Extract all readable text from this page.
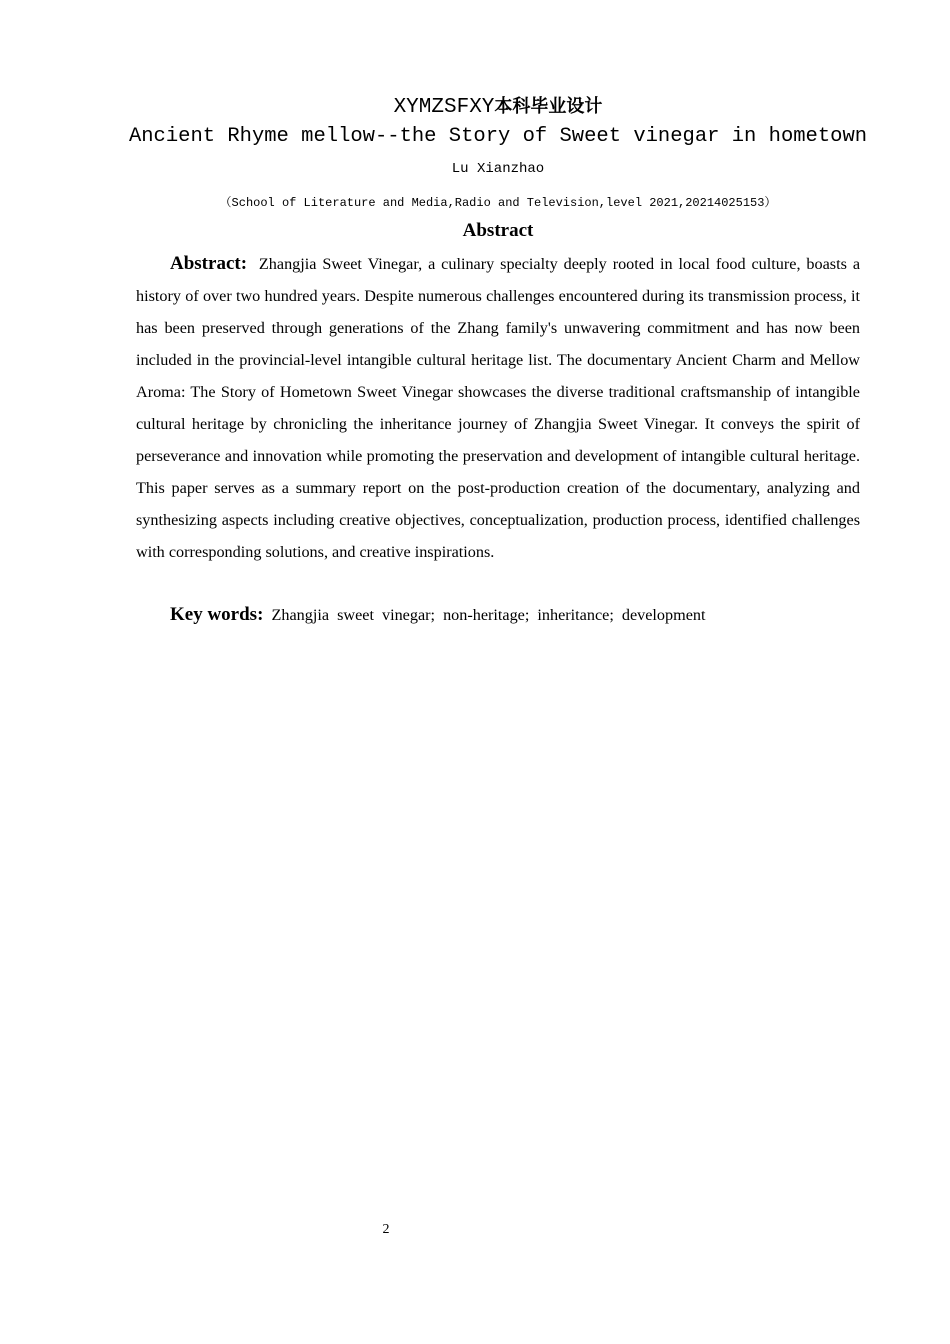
XYMZSFXY本科毕业设计
Ancient Rhyme mellow--the Story of Sweet vinegar in hometown
Lu Xianzhao
（School of Literature and Media,Radio and Television,level 2021,20214025153）
Abstract
Abstract: Zhangjia Sweet Vinegar, a culinary specialty deeply rooted in local food culture, boasts a history of over two hundred years. Despite numerous challenges encountered during its transmission process, it has been preserved through generations of the Zhang family's unwavering commitment and has now been included in the provincial-level intangible cultural heritage list. The documentary Ancient Charm and Mellow Aroma: The Story of Hometown Sweet Vinegar showcases the diverse traditional craftsmanship of intangible cultural heritage by chronicling the inheritance journey of Zhangjia Sweet Vinegar. It conveys the spirit of perseverance and innovation while promoting the preservation and development of intangible cultural heritage. This paper serves as a summary report on the post-production creation of the documentary, analyzing and synthesizing aspects including creative objectives, conceptualization, production process, identified challenges with corresponding solutions, and creative inspirations.
Key words: Zhangjia sweet vinegar; non-heritage; inheritance; development
2
